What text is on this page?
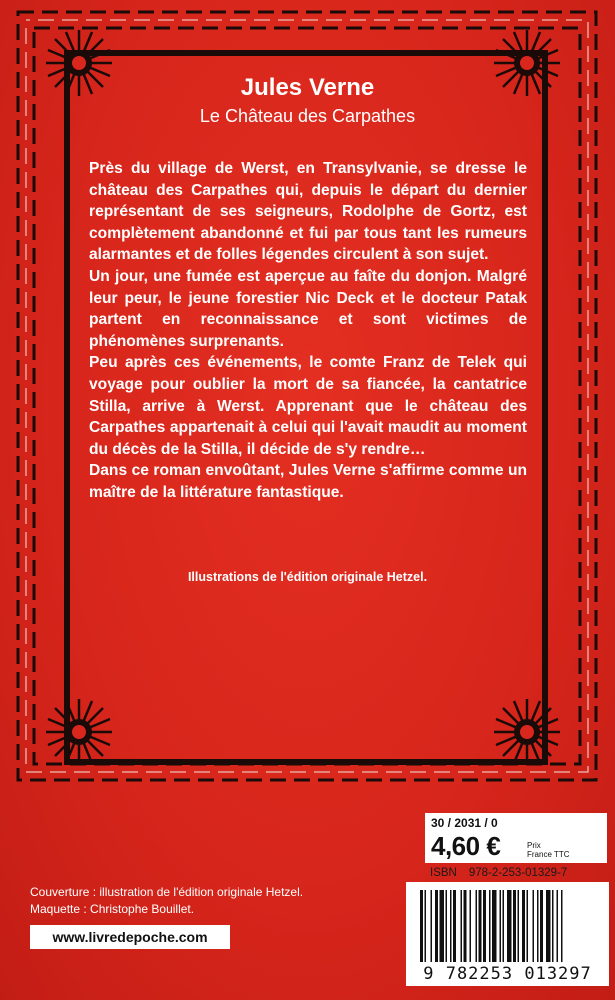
Jules Verne
Le Château des Carpathes

Près du village de Werst, en Transylvanie, se dresse le château des Carpathes qui, depuis le départ du dernier représentant de ses seigneurs, Rodolphe de Gortz, est complètement abandonné et fui par tous tant les rumeurs alarmantes et de folles légendes circulent à son sujet.

Un jour, une fumée est aperçue au faîte du donjon. Malgré leur peur, le jeune forestier Nic Deck et le docteur Patak partent en reconnaissance et sont victimes de phénomènes surprenants.

Peu après ces événements, le comte Franz de Telek qui voyage pour oublier la mort de sa fiancée, la cantatrice Stilla, arrive à Werst. Apprenant que le château des Carpathes appartenait à celui qui l'avait maudit au moment du décès de la Stilla, il décide de s'y rendre…

Dans ce roman envoûtant, Jules Verne s'affirme comme un maître de la littérature fantastique.

Illustrations de l'édition originale Hetzel.
30 / 2031 / 0
4,60 €	Prix
France TTC
ISBN 978-2-253-01329-7
9 782253 013297
Couverture : illustration de l'édition originale Hetzel.
Maquette : Christophe Bouillet.
www.livredepoche.com
